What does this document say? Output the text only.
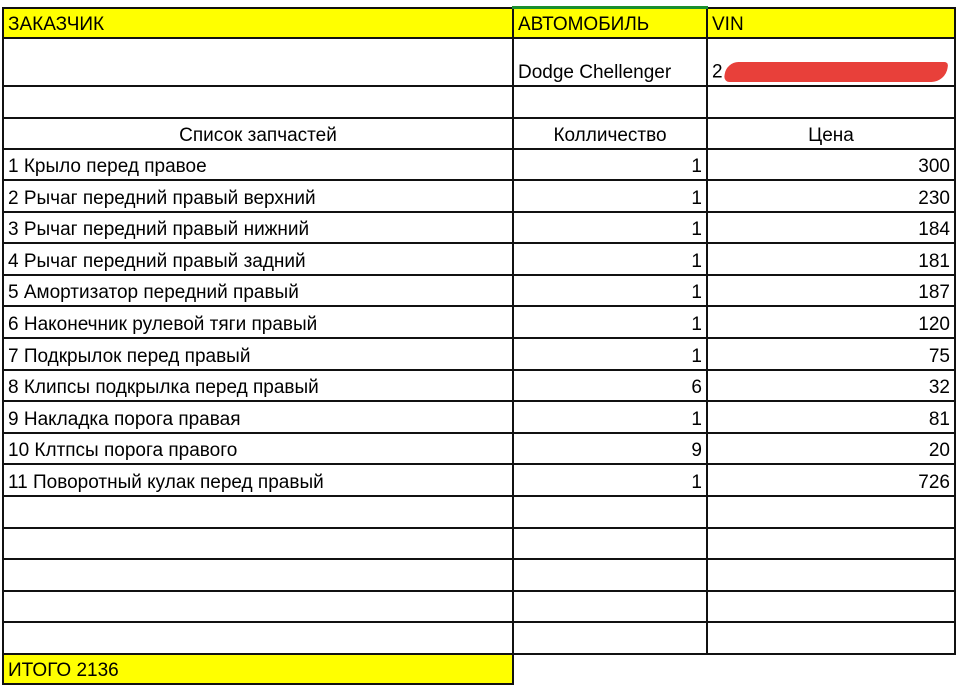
ЗАКАЗЧИК	АВТОМОБИЛЬ	VIN
	Dodge Chellenger	2

Список запчастей	Колличество	Цена
1 Крыло перед правое	1	300
2 Рычаг передний правый верхний	1	230
3 Рычаг передний правый нижний	1	184
4 Рычаг передний правый задний	1	181
5 Амортизатор передний правый	1	187
6 Наконечник рулевой тяги правый	1	120
7 Подкрылок перед правый	1	75
8 Клипсы подкрылка перед правый	6	32
9 Накладка порога правая	1	81
10 Клтпсы порога правого	9	20
11 Поворотный кулак перед правый	1	726

ИТОГО 2136		
